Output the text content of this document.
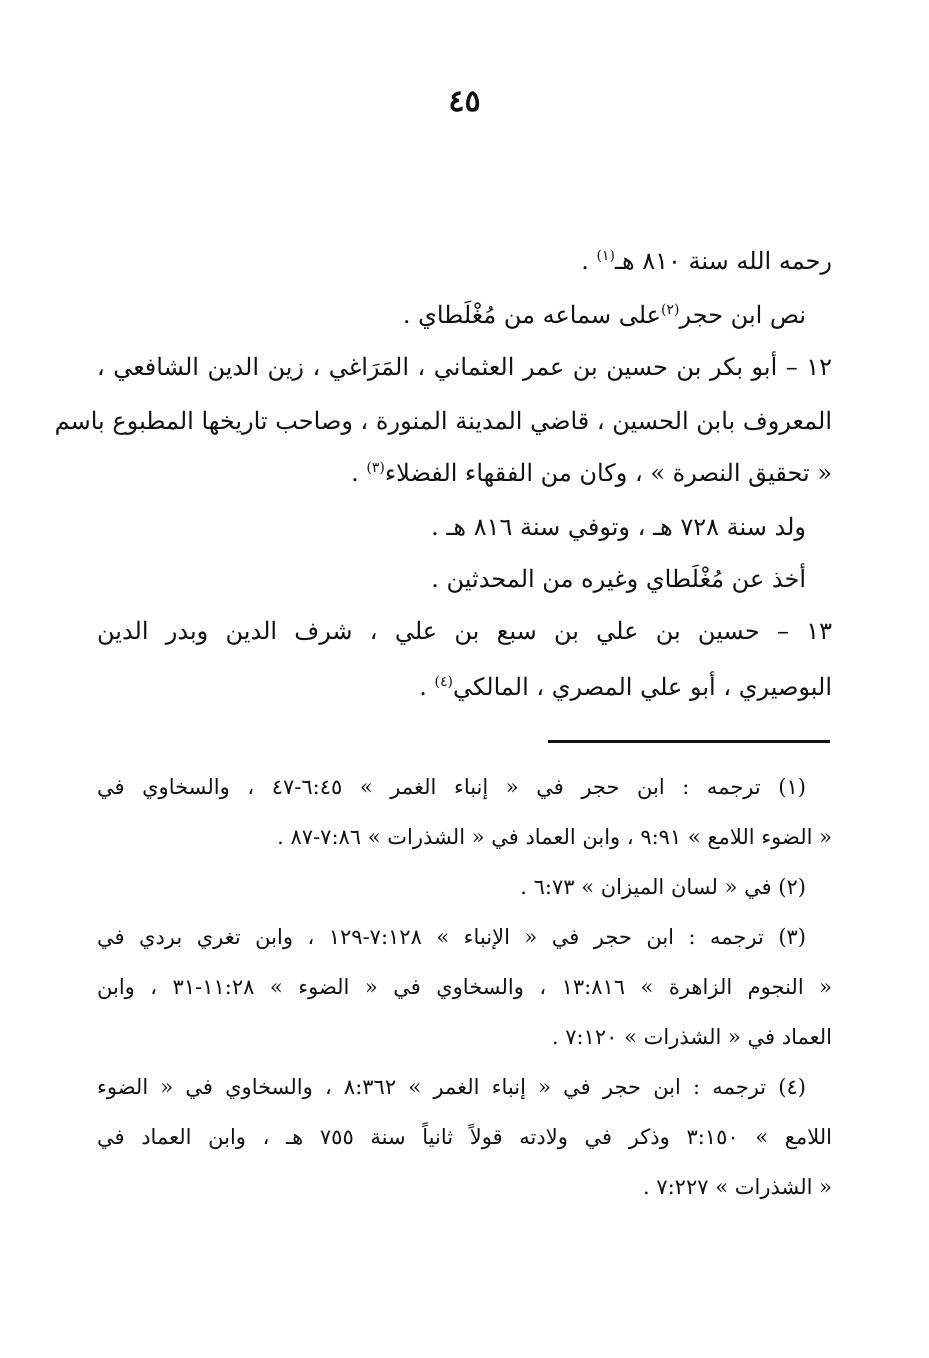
٤٥
رحمه الله سنة ٨١٠ هـ$^{(١)}$ .
نص ابن حجر$^{(٢)}$على سماعه من مُغْلَطاي .
١٢ – أبو بكر بن حسين بن عمر العثماني ، المَرَاغي ، زين الدين الشافعي ،
المعروف بابن الحسين ، قاضي المدينة المنورة ، وصاحب تاريخها المطبوع باسم
« تحقيق النصرة » ، وكان من الفقهاء الفضلاء$^{(٣)}$ .
ولد سنة ٧٢٨ هـ ، وتوفي سنة ٨١٦ هـ .
أخذ عن مُغْلَطاي وغيره من المحدثين .
١٣ – حسين بن علي بن سبع بن علي ، شرف الدين وبدر الدين
البوصيري ، أبو علي المصري ، المالكي$^{(٤)}$ .
(١) ترجمه : ابن حجر في « إنباء الغمر » ٦:٤٥-٤٧ ، والسخاوي في
« الضوء اللامع » ٩:٩١ ، وابن العماد في « الشذرات » ٧:٨٦-٨٧ .
(٢) في « لسان الميزان » ٦:٧٣ .
(٣) ترجمه : ابن حجر في « الإنباء » ٧:١٢٨-١٢٩ ، وابن تغري بردي في
« النجوم الزاهرة » ١٣:٨١٦ ، والسخاوي في « الضوء » ١١:٢٨-٣١ ، وابن
العماد في « الشذرات » ٧:١٢٠ .
(٤) ترجمه : ابن حجر في « إنباء الغمر » ٨:٣٦٢ ، والسخاوي في « الضوء
اللامع » ٣:١٥٠ وذكر في ولادته قولاً ثانياً سنة ٧٥٥ هـ ، وابن العماد في
« الشذرات » ٧:٢٢٧ .
